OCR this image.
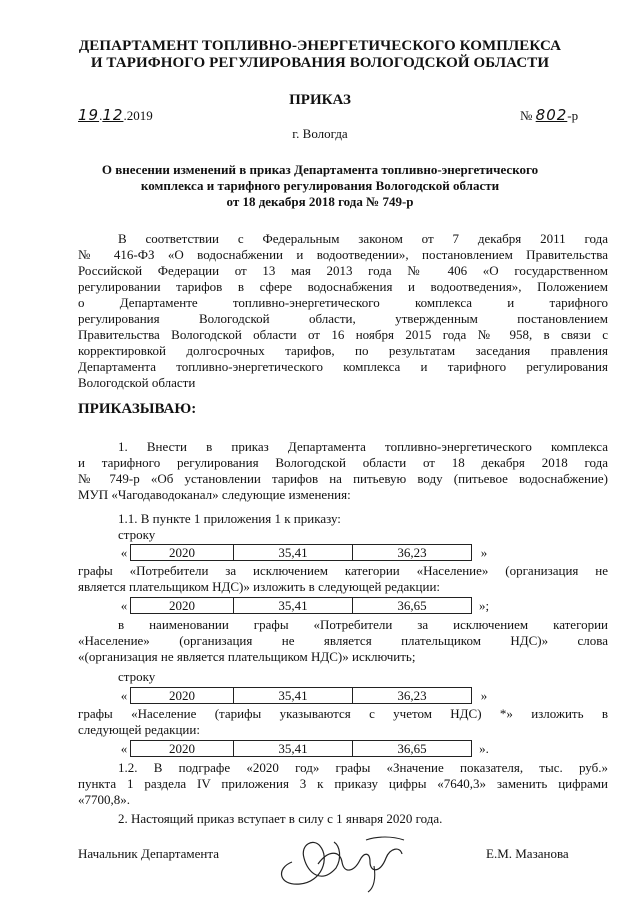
ДЕПАРТАМЕНТ ТОПЛИВНО-ЭНЕРГЕТИЧЕСКОГО КОМПЛЕКСА
И ТАРИФНОГО РЕГУЛИРОВАНИЯ ВОЛОГОДСКОЙ ОБЛАСТИ
ПРИКАЗ
19.12.2019	№ 802-р
г. Вологда
О внесении изменений в приказ Департамента топливно-энергетического
комплекса и тарифного регулирования Вологодской области
от 18 декабря 2018 года № 749-р
В соответствии с Федеральным законом от 7 декабря 2011 года
№ 416-ФЗ «О водоснабжении и водоотведении», постановлением Правительства
Российской Федерации от 13 мая 2013 года № 406 «О государственном
регулировании тарифов в сфере водоснабжения и водоотведения», Положением
о Департаменте топливно-энергетического комплекса и тарифного
регулирования Вологодской области, утвержденным постановлением
Правительства Вологодской области от 16 ноября 2015 года № 958, в связи с
корректировкой долгосрочных тарифов, по результатам заседания правления
Департамента топливно-энергетического комплекса и тарифного регулирования
Вологодской области
ПРИКАЗЫВАЮ:
1. Внести в приказ Департамента топливно-энергетического комплекса
и тарифного регулирования Вологодской области от 18 декабря 2018 года
№ 749-р «Об установлении тарифов на питьевую воду (питьевое водоснабжение)
МУП «Чагодаводоканал» следующие изменения:
1.1. В пункте 1 приложения 1 к приказу:
строку
«	2020	35,41	36,23	»
графы «Потребители за исключением категории «Население» (организация не
является плательщиком НДС)» изложить в следующей редакции:
«	2020	35,41	36,65	»;
в наименовании графы «Потребители за исключением категории
«Население» (организация не является плательщиком НДС)» слова
«(организация не является плательщиком НДС)» исключить;
строку
«	2020	35,41	36,23	»
графы «Население (тарифы указываются с учетом НДС) *» изложить в
следующей редакции:
«	2020	35,41	36,65	».
1.2. В подграфе «2020 год» графы «Значение показателя, тыс. руб.»
пункта 1 раздела IV приложения 3 к приказу цифры «7640,3» заменить цифрами
«7700,8».
2. Настоящий приказ вступает в силу с 1 января 2020 года.
Начальник Департамента	Е.М. Мазанова
